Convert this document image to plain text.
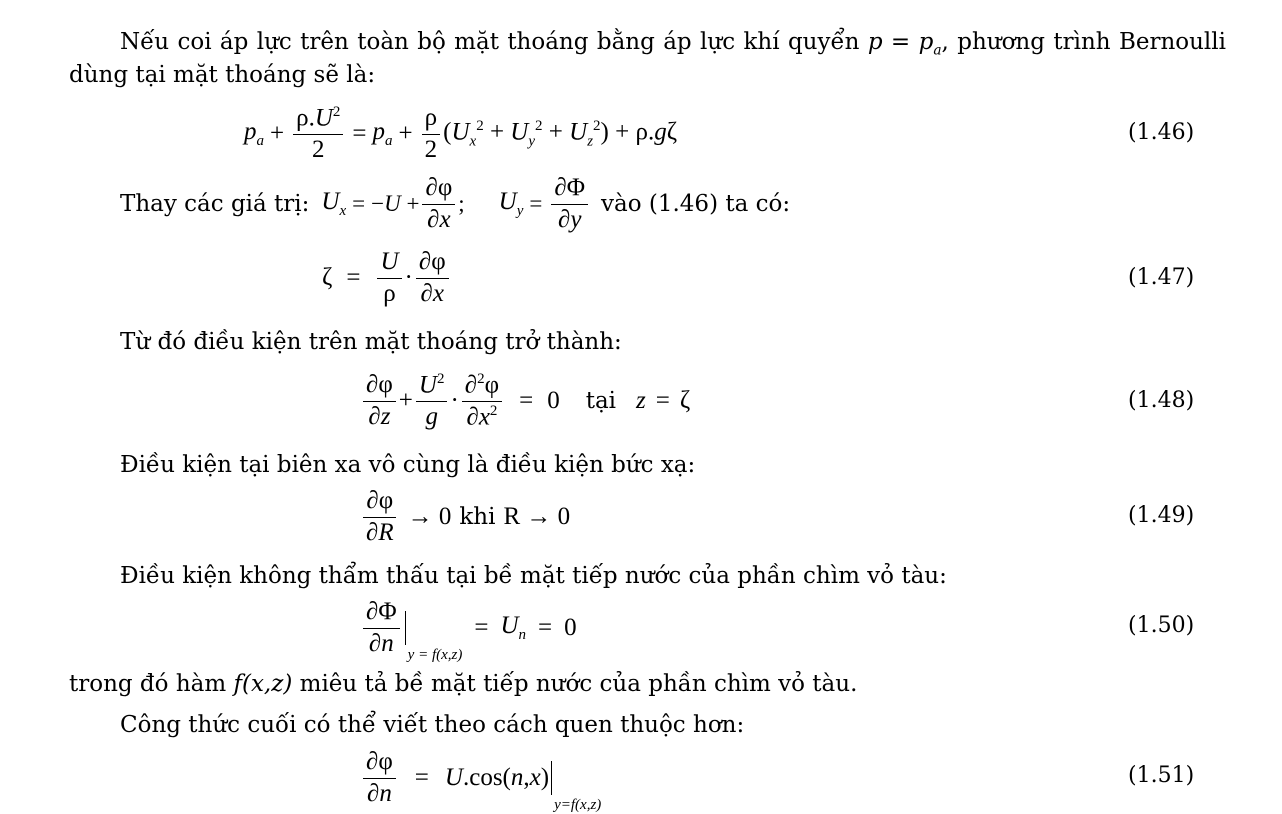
Nếu coi áp lực trên toàn bộ mặt thoáng bằng áp lực khí quyển $p = p_a$, phương trình Bernoulli
dùng tại mặt thoáng sẽ là:
$p_a + \frac{\rho.U^2}{2} = p_a + \frac{\rho}{2} (U_x^2 + U_y^2 + U_z^2) + \rho.g\zeta$	(1.46)
Thay các giá trị: $U_x = -U + \frac{\partial\varphi}{\partial x}$ ; $U_y = \frac{\partial\Phi}{\partial y}$ vào (1.46) ta có:
$\zeta = \frac{U}{\rho} \cdot \frac{\partial\varphi}{\partial x}$	(1.47)
Từ đó điều kiện trên mặt thoáng trở thành:
$\frac{\partial\varphi}{\partial z} + \frac{U^2}{g} \cdot \frac{\partial^2\varphi}{\partial x^2} = 0$ tại z = ζ	(1.48)
Điều kiện tại biên xa vô cùng là điều kiện bức xạ:
$\frac{\partial\varphi}{\partial R} \to 0$ khi R → 0	(1.49)
Điều kiện không thẩm thấu tại bề mặt tiếp nước của phần chìm vỏ tàu:
$\frac{\partial\Phi}{\partial n}$ y = f(x,z)
= $U_n = 0$	(1.50)
trong đó hàm f(x,z) miêu tả bề mặt tiếp nước của phần chìm vỏ tàu.
Công thức cuối có thể viết theo cách quen thuộc hơn:
$\frac{\partial\varphi}{\partial n} = U.\cos(n,x)$
y=f(x,z)
(1.51)
